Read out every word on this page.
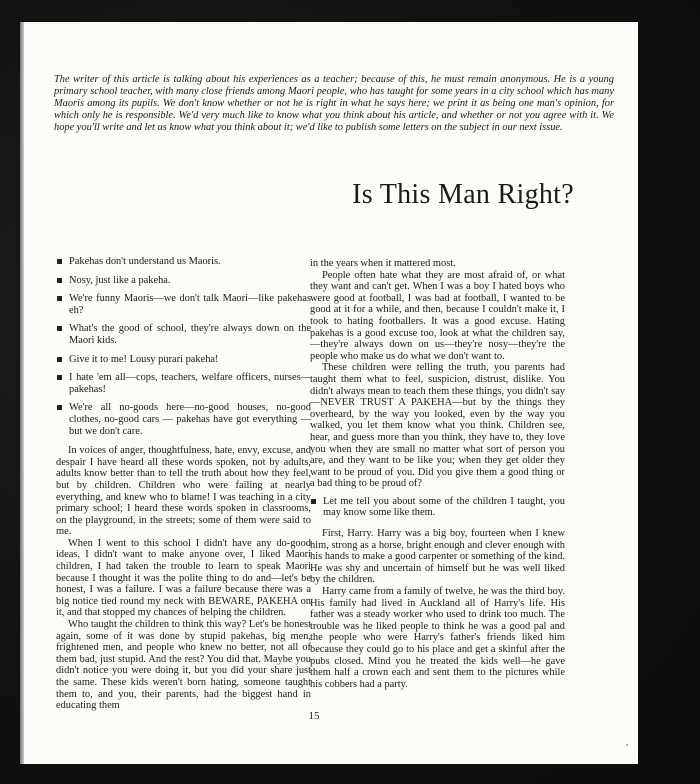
The writer of this article is talking about his experiences as a teacher; because of this, he must remain anonymous. He is a young primary school teacher, with many close friends among Maori people, who has taught for some years in a city school which has many Maoris among its pupils. We don't know whether or not he is right in what he says here; we print it as being one man's opinion, for which only he is responsible. We'd very much like to know what you think about his article, and whether or not you agree with it. We hope you'll write and let us know what you think about it; we'd like to publish some letters on the subject in our next issue.

Is This Man Right?

Pakehas don't understand us Maoris.

Nosy, just like a pakeha.

We're funny Maoris—we don't talk Maori—like pakehas eh?

What's the good of school, they're always down on the Maori kids.

Give it to me! Lousy purari pakeha!

I hate 'em all—cops, teachers, welfare officers, nurses—pakehas!

We're all no-goods here—no-good houses, no-good clothes, no-good cars — pakehas have got everything — but we don't care.

In voices of anger, thoughtfulness, hate, envy, excuse, and despair I have heard all these words spoken, not by adults, adults know better than to tell the truth about how they feel, but by children. Children who were failing at nearly everything, and knew who to blame! I was teaching in a city primary school; I heard these words spoken in classrooms, on the playground, in the streets; some of them were said to me.

When I went to this school I didn't have any do-good ideas, I didn't want to make anyone over, I liked Maori children, I had taken the trouble to learn to speak Maori because I thought it was the polite thing to do and—let's be honest, I was a failure. I was a failure because there was a big notice tied round my neck with BEWARE, PAKEHA on it, and that stopped my chances of helping the children.

Who taught the children to think this way? Let's be honest again, some of it was done by stupid pakehas, big men, frightened men, and people who knew no better, not all of them bad, just stupid. And the rest? You did that. Maybe you didn't notice you were doing it, but you did your share just the same. These kids weren't born hating, someone taught them to, and you, their parents, had the biggest hand in educating them

in the years when it mattered most.

People often hate what they are most afraid of, or what they want and can't get. When I was a boy I hated boys who were good at football, I was bad at football, I wanted to be good at it for a while, and then, because I couldn't make it, I took to hating footballers. It was a good excuse. Hating pakehas is a good excuse too, look at what the children say,—they're always down on us—they're nosy—they're the people who make us do what we don't want to.

These children were telling the truth, you parents had taught them what to feel, suspicion, distrust, dislike. You didn't always mean to teach them these things, you didn't say—NEVER TRUST A PAKEHA—but by the things they overheard, by the way you looked, even by the way you walked, you let them know what you think. Children see, hear, and guess more than you think, they have to, they love you when they are small no matter what sort of person you are, and they want to be like you; when they get older they want to be proud of you. Did you give them a good thing or a bad thing to be proud of?

Let me tell you about some of the children I taught, you may know some like them.

First, Harry. Harry was a big boy, fourteen when I knew him, strong as a horse, bright enough and clever enough with his hands to make a good carpenter or something of the kind. He was shy and uncertain of himself but he was well liked by the children.

Harry came from a family of twelve, he was the third boy. His family had lived in Auckland all of Harry's life. His father was a steady worker who used to drink too much. The trouble was he liked people to think he was a good pal and the people who were Harry's father's friends liked him because they could go to his place and get a skinful after the pubs closed. Mind you he treated the kids well—he gave them half a crown each and sent them to the pictures while his cobbers had a party.

15
